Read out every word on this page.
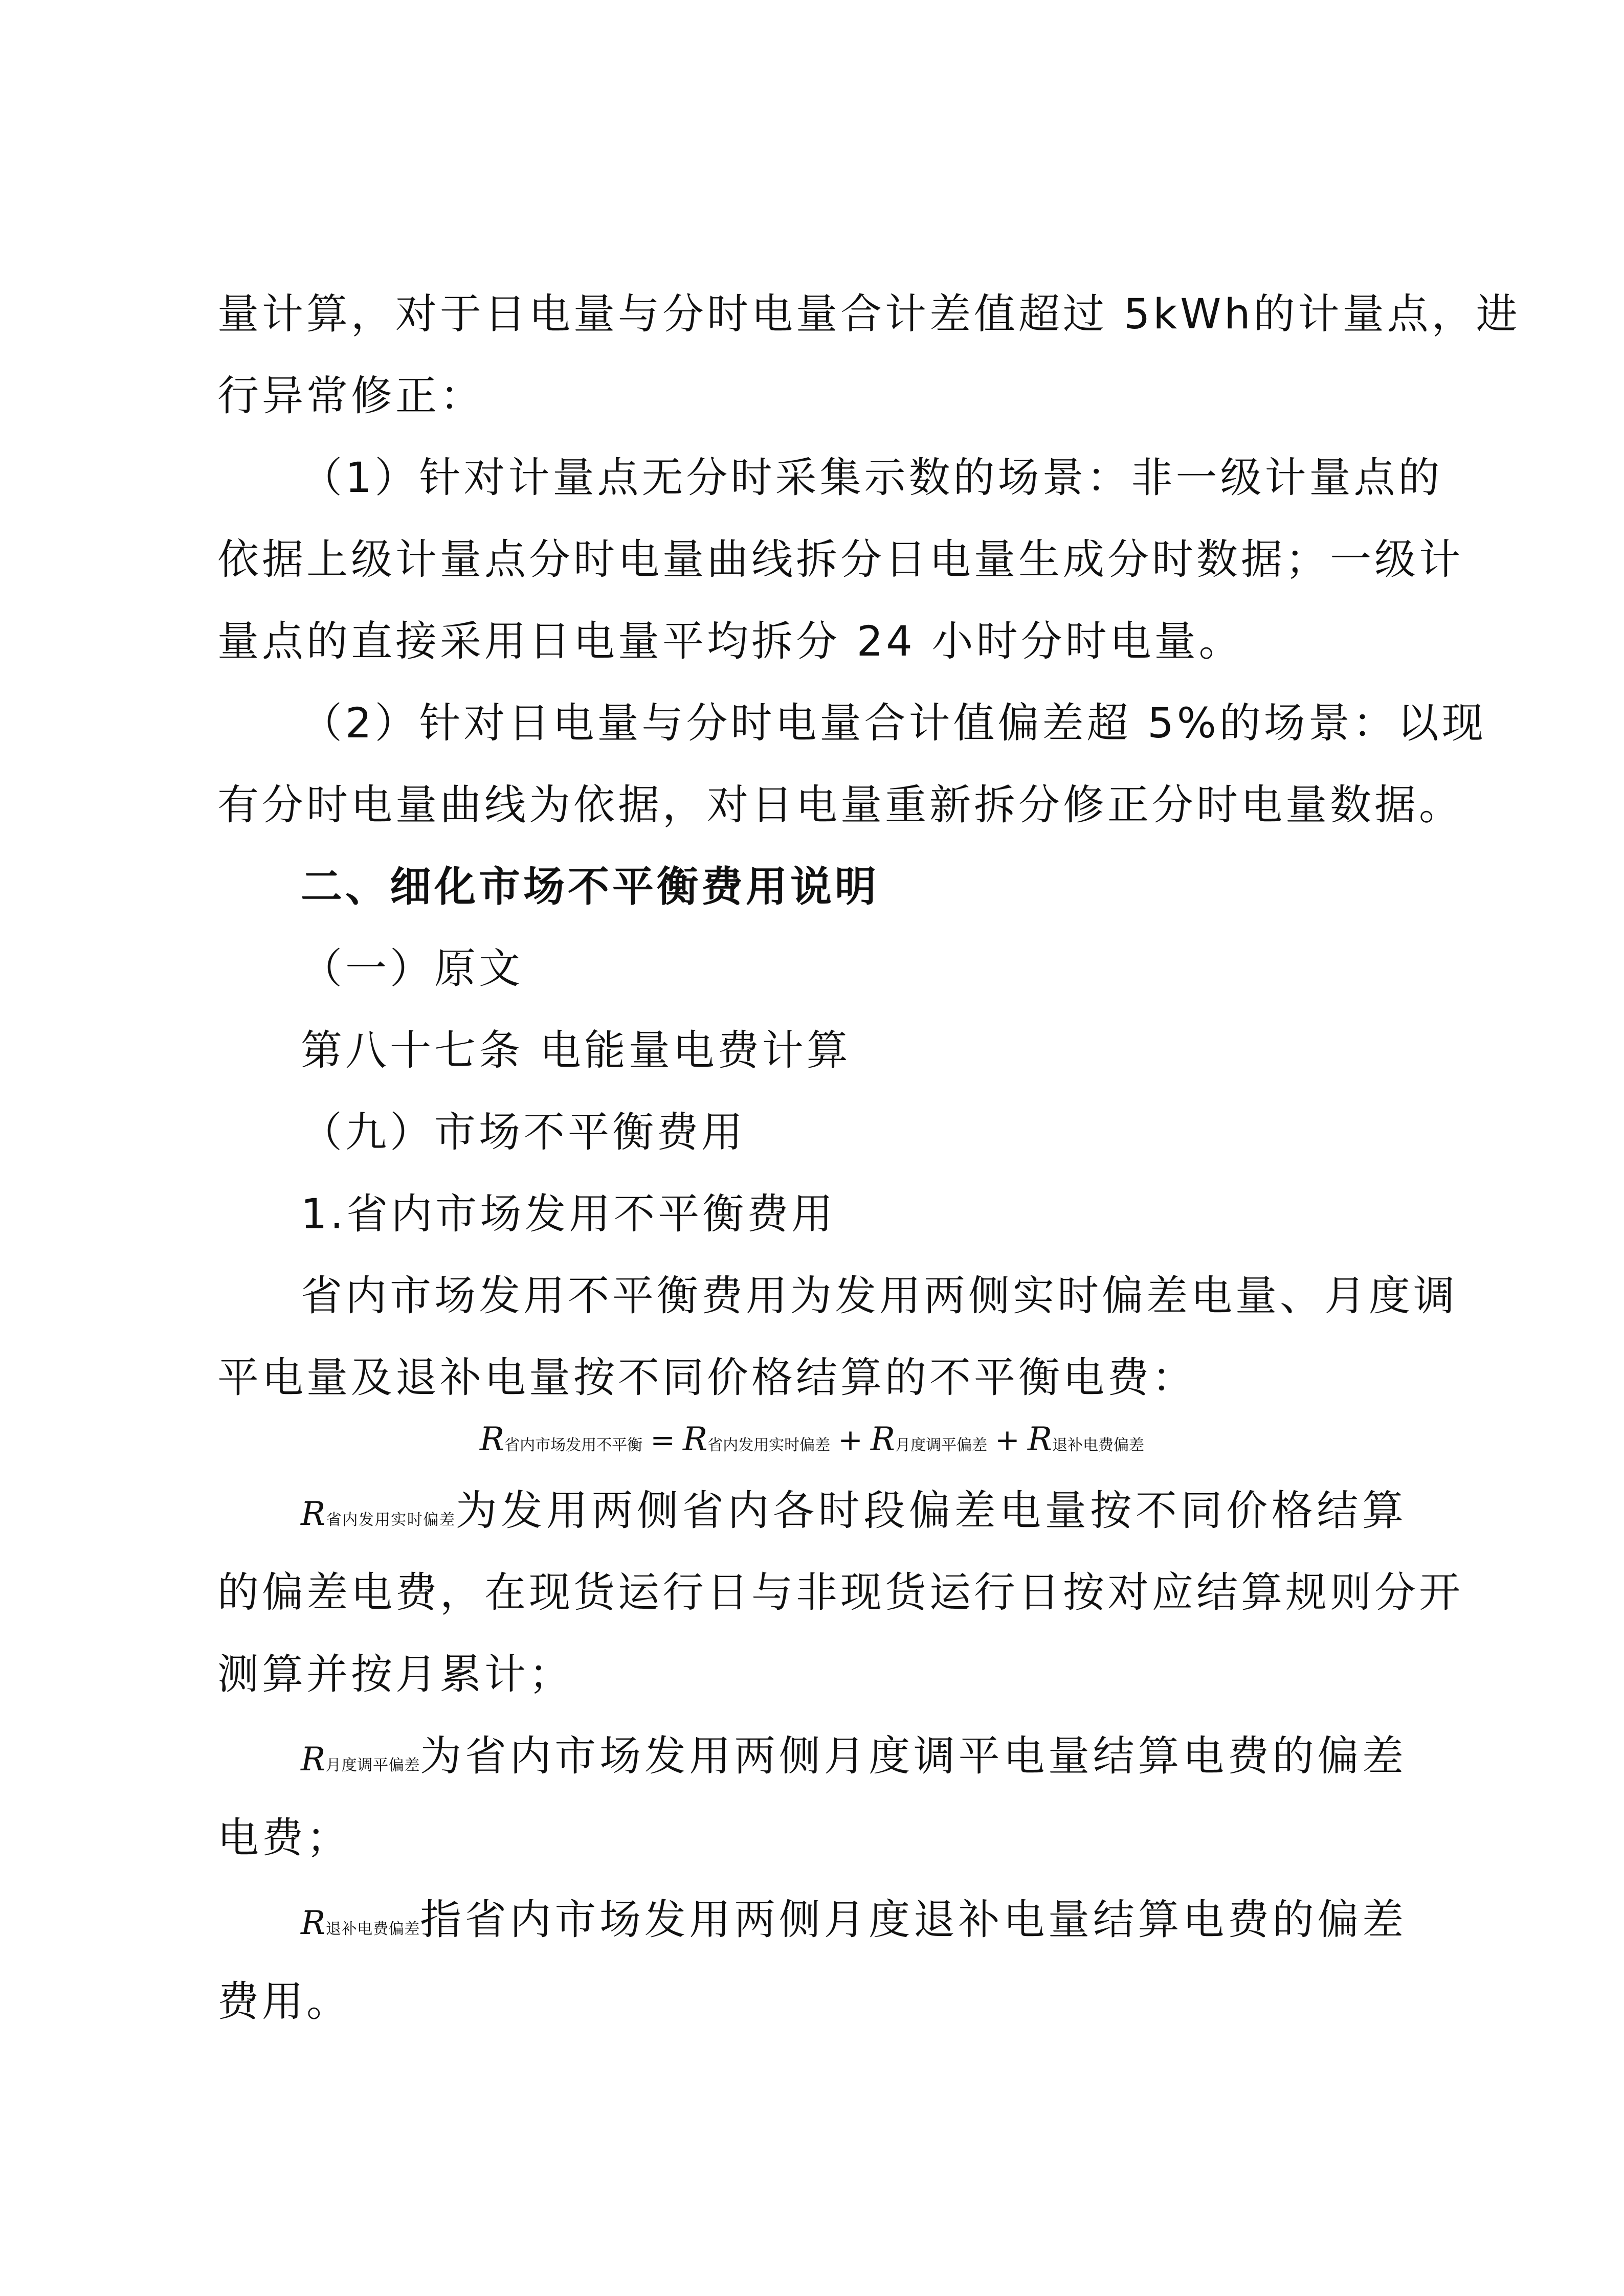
量计算，对于日电量与分时电量合计差值超过 5kWh的计量点，进
行异常修正：
（1）针对计量点无分时采集示数的场景：非一级计量点的
依据上级计量点分时电量曲线拆分日电量生成分时数据；一级计
量点的直接采用日电量平均拆分 24 小时分时电量。
（2）针对日电量与分时电量合计值偏差超 5%的场景：以现
有分时电量曲线为依据，对日电量重新拆分修正分时电量数据。
二、细化市场不平衡费用说明
（一）原文
第八十七条 电能量电费计算
（九）市场不平衡费用
1.省内市场发用不平衡费用
省内市场发用不平衡费用为发用两侧实时偏差电量、月度调
平电量及退补电量按不同价格结算的不平衡电费：
R省内市场发用不平衡 = R省内发用实时偏差 + R月度调平偏差 + R退补电费偏差
R省内发用实时偏差为发用两侧省内各时段偏差电量按不同价格结算
的偏差电费，在现货运行日与非现货运行日按对应结算规则分开
测算并按月累计；
R月度调平偏差为省内市场发用两侧月度调平电量结算电费的偏差
电费；
R退补电费偏差指省内市场发用两侧月度退补电量结算电费的偏差
费用。
